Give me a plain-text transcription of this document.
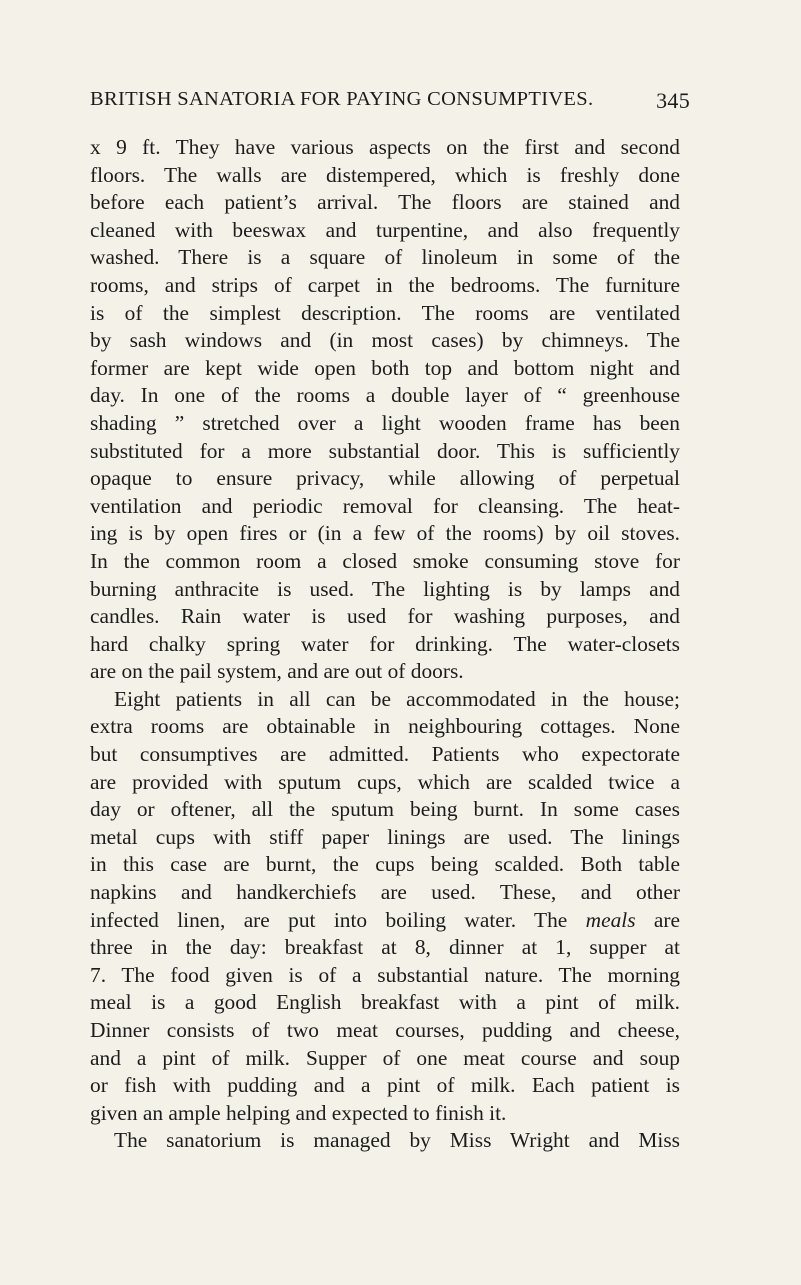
BRITISH SANATORIA FOR PAYING CONSUMPTIVES.	345
x 9 ft. They have various aspects on the first and second
floors. The walls are distempered, which is freshly done
before each patient’s arrival. The floors are stained and
cleaned with beeswax and turpentine, and also frequently
washed. There is a square of linoleum in some of the
rooms, and strips of carpet in the bedrooms. The furniture
is of the simplest description. The rooms are ventilated
by sash windows and (in most cases) by chimneys. The
former are kept wide open both top and bottom night and
day. In one of the rooms a double layer of “ greenhouse
shading ” stretched over a light wooden frame has been
substituted for a more substantial door. This is sufficiently
opaque to ensure privacy, while allowing of perpetual
ventilation and periodic removal for cleansing. The heat-
ing is by open fires or (in a few of the rooms) by oil stoves.
In the common room a closed smoke consuming stove for
burning anthracite is used. The lighting is by lamps and
candles. Rain water is used for washing purposes, and
hard chalky spring water for drinking. The water-closets
are on the pail system, and are out of doors.
Eight patients in all can be accommodated in the house;
extra rooms are obtainable in neighbouring cottages. None
but consumptives are admitted. Patients who expectorate
are provided with sputum cups, which are scalded twice a
day or oftener, all the sputum being burnt. In some cases
metal cups with stiff paper linings are used. The linings
in this case are burnt, the cups being scalded. Both table
napkins and handkerchiefs are used. These, and other
infected linen, are put into boiling water. The meals are
three in the day: breakfast at 8, dinner at 1, supper at
7. The food given is of a substantial nature. The morning
meal is a good English breakfast with a pint of milk.
Dinner consists of two meat courses, pudding and cheese,
and a pint of milk. Supper of one meat course and soup
or fish with pudding and a pint of milk. Each patient is
given an ample helping and expected to finish it.
The sanatorium is managed by Miss Wright and Miss
